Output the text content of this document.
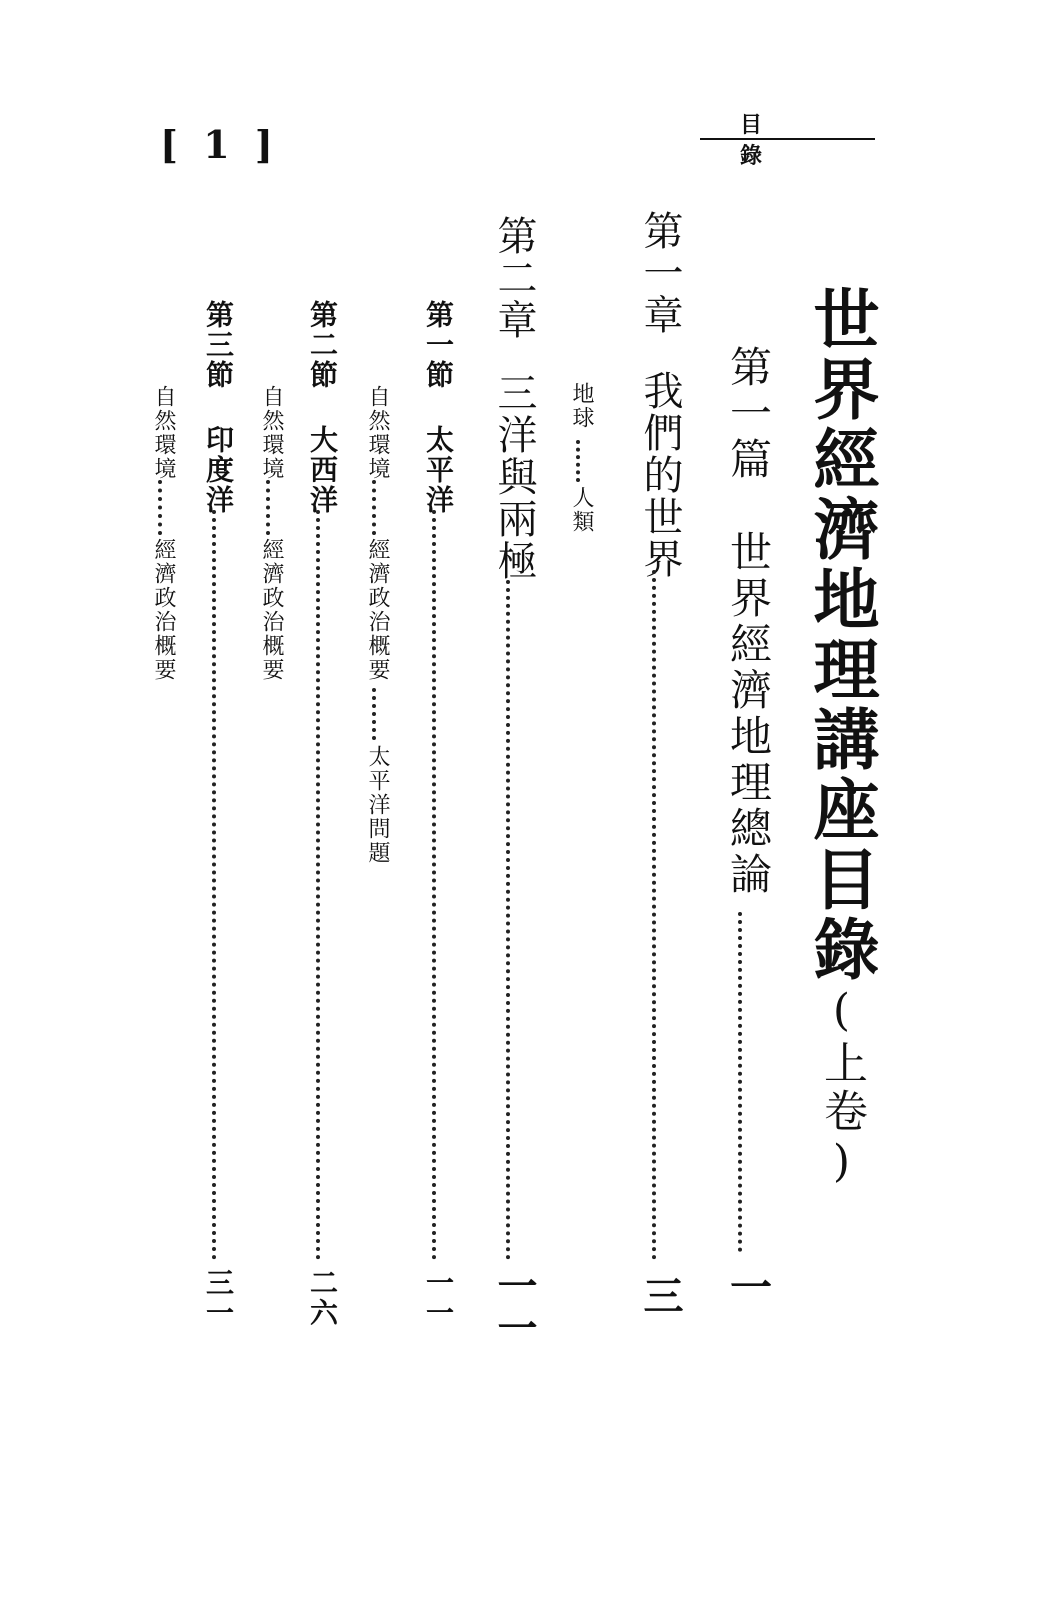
[ 1 ]	目 錄
世界經濟地理講座目錄(上卷)
第一篇
世界經濟地理總論
一
第一章
我們的世界
三
地球
人類
第二章
三洋與兩極
一一
第一節
太平洋
一一
自然環境
經濟政治概要
太平洋問題
第二節
大西洋
二六
自然環境
經濟政治概要
第三節
印度洋
三一
自然環境
經濟政治概要
